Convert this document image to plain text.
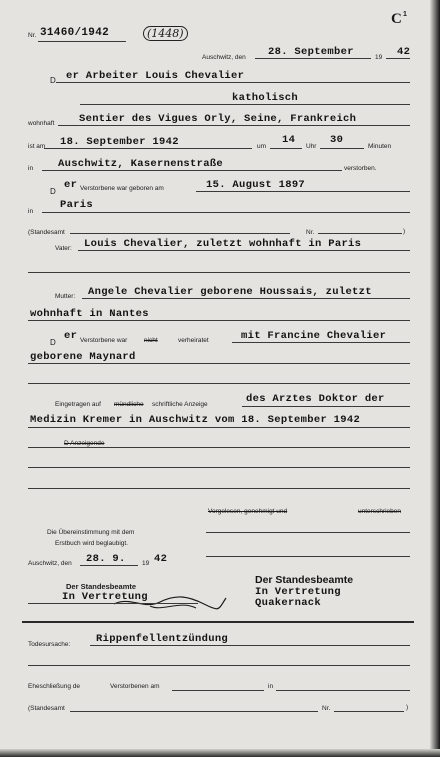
Nr. 31460/1942	(1448)
C 1
Auschwitz, den 28. September	19 42
D er Arbeiter Louis Chevalier
katholisch
wohnhaft Sentier des Vigues Orly, Seine, Frankreich
ist am 18. September 1942	um
14
Uhr
30
Minuten
in Auschwitz, Kasernenstraße	verstorben.
D
er Verstorbene war geboren am	15. August 1897
in
Paris
(Standesamt	Nr.	)
Vater: Louis Chevalier, zuletzt wohnhaft in Paris
Mutter: Angele Chevalier geborene Houssais, zuletzt
wohnhaft in Nantes
D
er Verstorbene war	nicht	verheiratet	mit Francine Chevalier
geborene Maynard
Eingetragen auf mündliche schriftliche Anzeige	des Arztes Doktor der
Medizin Kremer in Auschwitz vom 18. September 1942
D Anzeigende
Vorgelesen, genehmigt und	unterschrieben
Die Übereinstimmung mit dem
Erstbuch wird beglaubigt.
Auschwitz, den 28. 9.	19 42
Der Standesbeamte
In Vertretung
Der Standesbeamte
In Vertretung
Quakernack
Todesursache: Rippenfellentzündung
Eheschließung de	Verstorbenen am	in
(Standesamt	Nr.	)
